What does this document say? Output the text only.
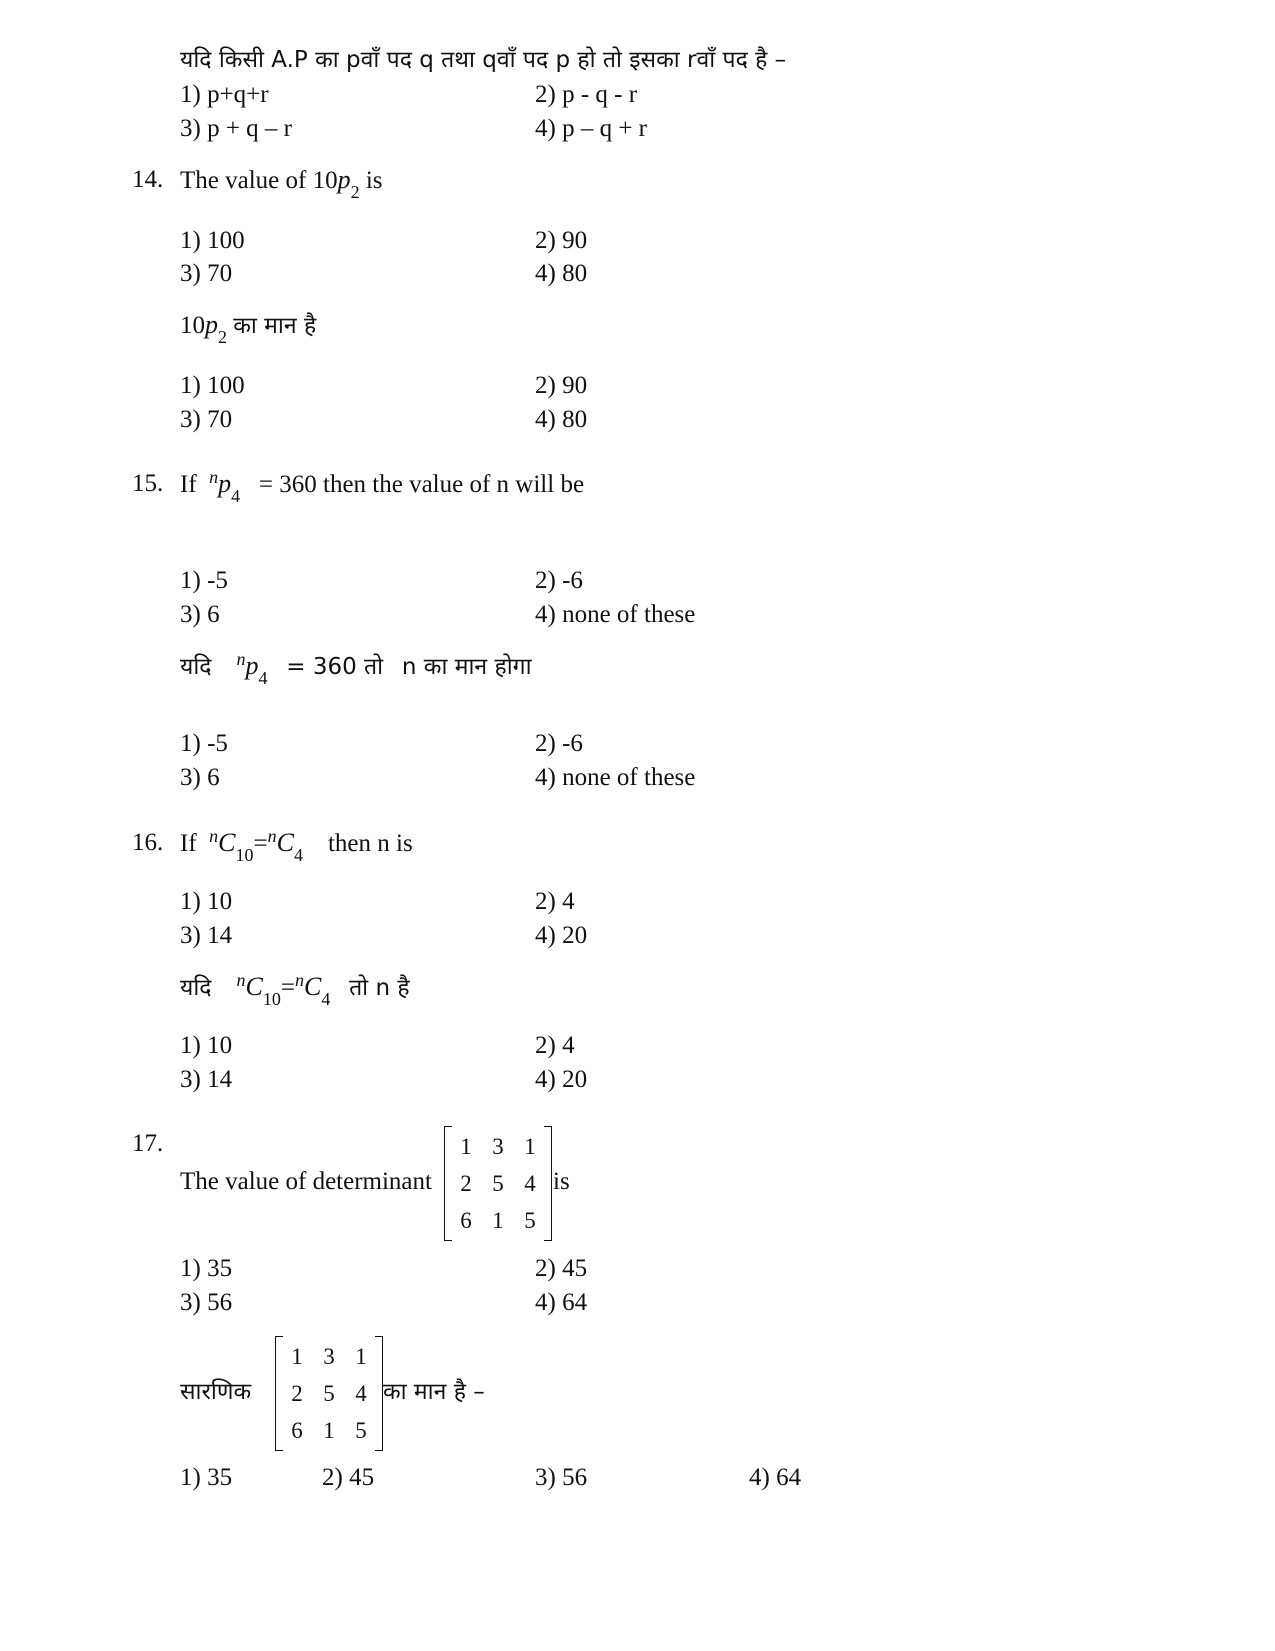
यदि किसी A.P का pवाँ पद q तथा qवाँ पद p हो तो इसका rवाँ पद है –
1) p+q+r	2) p - q - r
3) p + q – r	4) p – q + r
14. The value of $10p_2$ is
1) 100	2) 90
3) 70	4) 80
$10p_2$ का मान है
1) 100	2) 90
3) 70	4) 80
15. If $^np_4 = 360$ then the value of n will be
1) -5	2) -6
3) 6	4) none of these
यदि $^np_4 = 360$ तो n का मान होगा
1) -5	2) -6
3) 6	4) none of these
16. If $^nC_{10}=^nC_4$ then n is
1) 10	2) 4
3) 14	4) 20
यदि $^nC_{10}=^nC_4$ तो n है
1) 10	2) 4
3) 14	4) 20
17.
The value of determinant
1 3 1
2 5 4
6 1 5
is
1) 35	2) 45
3) 56	4) 64
सारणिक
1 3 1
2 5 4
6 1 5
का मान है –
1) 35	2) 45	3) 56	4) 64
